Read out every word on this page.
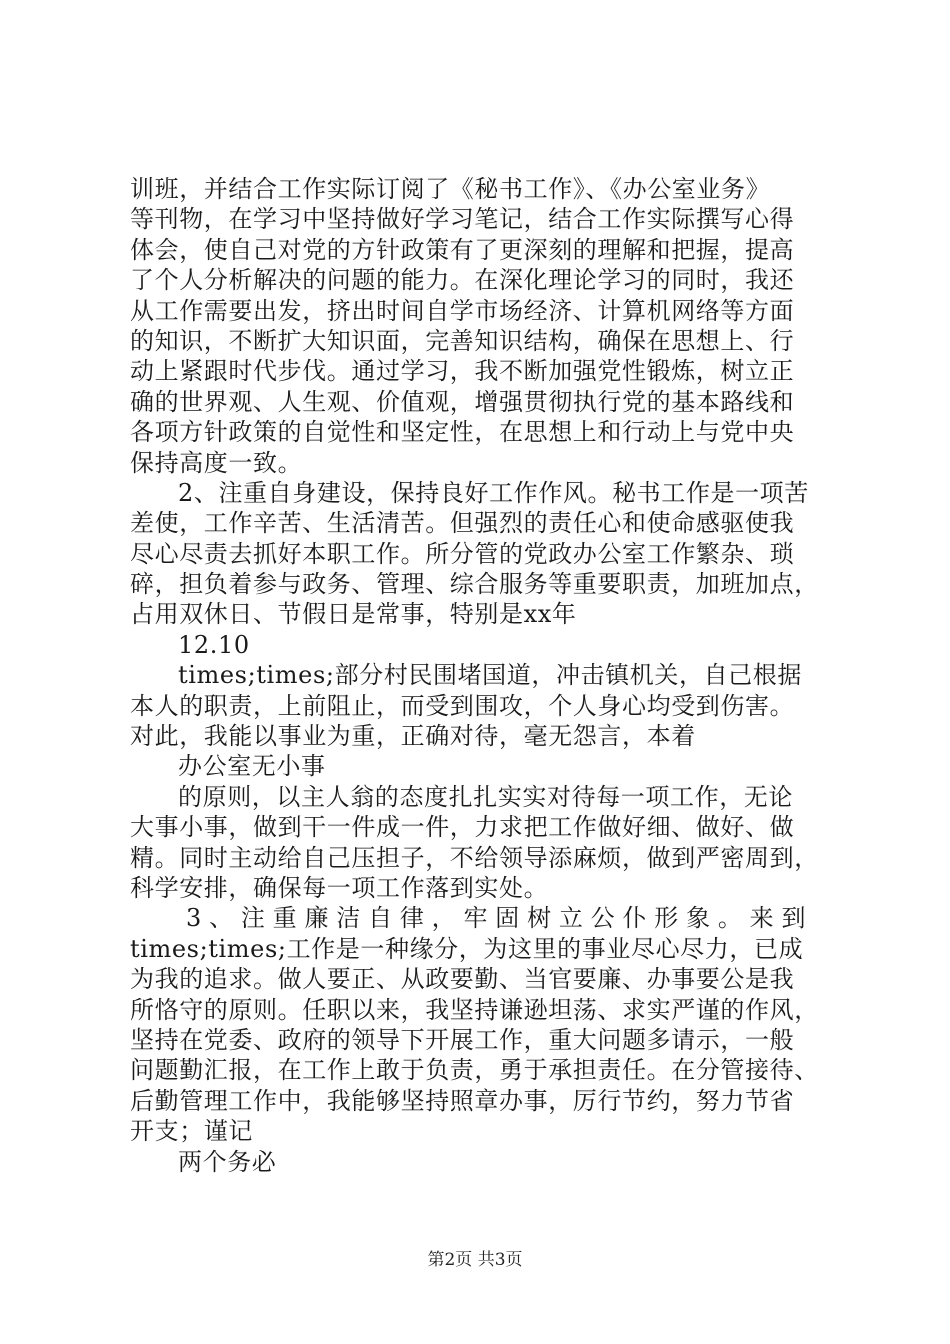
训班，并结合工作实际订阅了《秘书工作》、《办公室业务》
等刊物，在学习中坚持做好学习笔记，结合工作实际撰写心得
体会，使自己对党的方针政策有了更深刻的理解和把握，提高
了个人分析解决的问题的能力。在深化理论学习的同时，我还
从工作需要出发，挤出时间自学市场经济、计算机网络等方面
的知识，不断扩大知识面，完善知识结构，确保在思想上、行
动上紧跟时代步伐。通过学习，我不断加强党性锻炼，树立正
确的世界观、人生观、价值观，增强贯彻执行党的基本路线和
各项方针政策的自觉性和坚定性，在思想上和行动上与党中央
保持高度一致。
2、注重自身建设，保持良好工作作风。秘书工作是一项苦
差使，工作辛苦、生活清苦。但强烈的责任心和使命感驱使我
尽心尽责去抓好本职工作。所分管的党政办公室工作繁杂、琐
碎，担负着参与政务、管理、综合服务等重要职责，加班加点，
占用双休日、节假日是常事，特别是xx年
12.10
times;times;部分村民围堵国道，冲击镇机关，自己根据
本人的职责，上前阻止，而受到围攻，个人身心均受到伤害。
对此，我能以事业为重，正确对待，毫无怨言，本着
办公室无小事
的原则，以主人翁的态度扎扎实实对待每一项工作，无论
大事小事，做到干一件成一件，力求把工作做好细、做好、做
精。同时主动给自己压担子，不给领导添麻烦，做到严密周到，
科学安排，确保每一项工作落到实处。
3、注重廉洁自律，牢固树立公仆形象。来到
times;times;工作是一种缘分，为这里的事业尽心尽力，已成
为我的追求。做人要正、从政要勤、当官要廉、办事要公是我
所恪守的原则。任职以来，我坚持谦逊坦荡、求实严谨的作风，
坚持在党委、政府的领导下开展工作，重大问题多请示，一般
问题勤汇报，在工作上敢于负责，勇于承担责任。在分管接待、
后勤管理工作中，我能够坚持照章办事，厉行节约，努力节省
开支；谨记
两个务必
第2页 共3页
